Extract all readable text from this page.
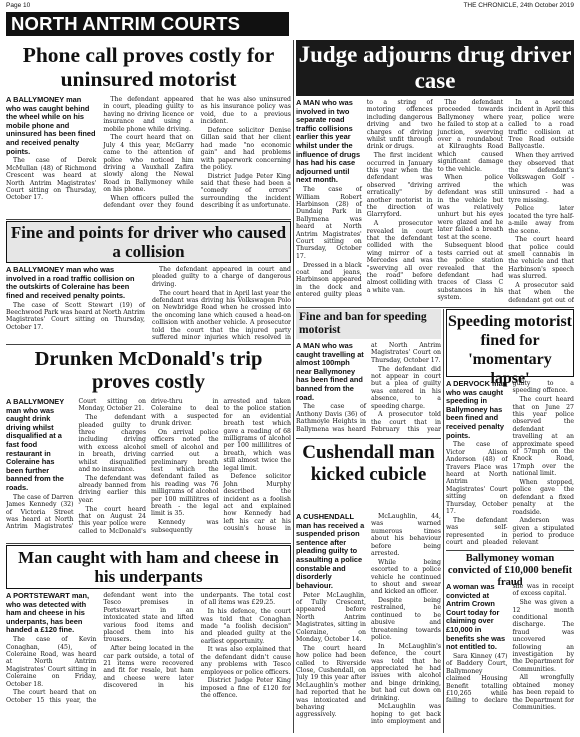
Page 10	THE CHRONICLE, 24th October 2019
NORTH ANTRIM COURTS
Phone call proves costly for uninsured motorist

A BALLYMONEY man who was caught behind the wheel while on his mobile phone and uninsured has been fined and received penalty points.

The case of Derek McMullan (48) of Richmond Crescent was heard at North Antrim Magistrates' Court sitting on Thursday, October 17.

The defendant appeared in court, pleading guilty to having no driving licence or insurance and using a mobile phone while driving.

The court heard that on July 4 this year, McGarry came to the attention of police who noticed him driving a Vauxhall Zafira slowly along the Newal Road in Ballymoney while on his phone.

When officers pulled the defendant over they found that he was also uninsured as his insurance policy was void, due to a previous incident.

Defence solicitor Denise Gillan said that her client had made "no economic gain" and had problems with paperwork concerning the policy.

District Judge Peter King said that these had been a "comedy of errors" surrounding the incident describing it as unfortunate.

Judge adjourns drug driver case

A MAN who was involved in two separate road traffic collisions earlier this year whilst under the influence of drugs has had his case adjourned until next month.

The case of William Robert Harbinson (28) of Dundaig Park in Ballymena was heard at North Antrim Magistrates' Court sitting on Thursday, October 17.

Dressed in a black coat and jeans, Harbinson appeared in the dock and entered guilty pleas to a string of motoring offences including dangerous driving and two charges of driving whilst unfit through drink or drugs.

The first incident occurred in January this year when the defendant was observed "driving erratically" by another motorist in the direction of Glarryford.

A prosecutor revealed in court that the defendant collided with the wing mirror of a Mercedes and was "swerving all over the road" before almost colliding with a white van.

The defendant proceeded towards Ballymoney where he failed to stop at a junction, swerving over a roundabout at Kilraughts Road which caused significant damage to the vehicle.

When police arrived the defendant was still in the vehicle but was relatively unhurt but his eyes were glazed and he later failed a breath test at the scene.

Subsequent blood tests carried out at the police station revealed that the defendant had traces of Class C substances in his system.

In a second incident in April this year, police were called to a road traffic collision at Tree Road outside Ballycastle.

When they arrived they observed that the defendant's Volkswagen Golf - which was uninsured - had a tyre missing.

Police later located the tyre half-a-mile away from the scene.

The court heard that police could smell cannabis in the vehicle and that Harbinson's speech was slurred.

A prosecutor said that when the defendant got out of

Fine and points for driver who caused a collision

A BALLYMONEY man who was involved in a road traffic collision on the outskirts of Coleraine has been fined and received penalty points.

The case of Scott Stewart (19) of Beechwood Park was heard at North Antrim Magistrates' Court sitting on Thursday, October 17.

The defendant appeared in court and pleaded guilty to a charge of dangerous driving.

The court heard that in April last year the defendant was driving his Volkswagen Polo on Newbridge Road when he crossed into the oncoming lane which caused a head-on collision with another vehicle. A prosecutor told the court that the injured party suffered minor injuries which resolved in

Fine and ban for speeding motorist

A MAN who was caught travelling at almost 100mph near Ballymoney has been fined and banned from the road.

The case of Anthony Davis (36) of Rathmoyle Heights in Ballymena was heard at North Antrim Magistrates' Court on Thursday, October 17.

The defendant did not appear in court but a plea of guilty was entered in his absence, to a speeding charge.

A prosecutor told the court that in February this year

Speeding motorist fined for 'momentary lapse'

A DERVOCK man who was caught speeding in Ballymoney has been fined and received penalty points.

The case of Victor Alison Anderson (48) of Travers Place was heard at North Antrim Magistrates' Court sitting on Thursday, October 17.

The defendant was self-represented in court and pleaded guilty to a speeding offence.

The court heard that on June 27 this year police observed the defendant travelling at an approximate speed of 57mph on the Knock Road, 17mph over the national limit.

When stopped, police gave the defendant a fixed penalty at the roadside.

Anderson was given a stipulated period to produce relevant

Drunken McDonald's trip proves costly

A BALLYMONEY man who was caught drink driving whilst disqualified at a fast food restaurant in Coleraine has been further banned from the roads.

The case of Darren James Kennedy (32) of Victoria Street was heard at North Antrim Magistrates' Court sitting on Monday, October 21.

The defendant pleaded guilty to three charges including driving with excess alcohol in breath, driving whilst disqualified and no insurance.

The defendant was already banned from driving earlier this year.

The court heard that on August 24 this year police were called to McDonald's drive-thru in Coleraine to deal with a suspected drunk driver.

On arrival police officers noted the smell of alcohol and carried out a preliminary breath test which the defendant failed as his reading was 76 milligrams of alcohol per 100 millilitres of breath - the legal limit is 35.

Kennedy was subsequently arrested and taken to the police station for an evidential breath test which gave a reading of 68 milligrams of alcohol per 100 millilitres of breath, which was still almost twice the legal limit.

Defence solicitor John Murphy described the incident as a foolish act and explained how Kennedy had left his car at his cousin's house in

Cushendall man kicked cubicle

A CUSHENDALL man has received a suspended prison sentence after pleading guilty to assaulting a police constable and disorderly behaviour.

Peter McLaughlin, of Tully Crescent, appeared before North Antrim Magistrates, sitting in Coleraine, on Monday, October 14.

The court heard how police had been called to Riverside Close, Cushendall, on July 19 this year after McLaughlin's mother had reported that he was intoxicated and behaving aggressively.

McLaughlin, 44, was warned numerous times about his behaviour before being arrested.

While being escorted to a police vehicle he continued to shout and swear and kicked an officer.

Despite being restrained, he continued to be abusive and threatening towards police.

In McLaughlin's defence, the court was told that he appreciated he had issues with alcohol and binge drinking, but had cut down on drinking.

McLaughlin was hoping to get back into employment and

Ballymoney woman convicted of £10,000 benefit fraud

A woman was convicted at Antrim Crown Court today for claiming over £10,000 in benefits she was not entitled to.

Sara Kinney (47) of Baddery Court, Ballymoney claimed Housing Benefit totalling £10,265 while failing to declare she was in receipt of excess capital.

She was given a 12 month conditional discharge. The fraud was uncovered following an investigation by the Department for Communities.

All wrongfully obtained money has been repaid to the Department for Communities.

Man caught with ham and cheese in his underpants

A PORTSTEWART man, who was detected with ham and cheese in his underpants, has been handed a £120 fine.

The case of Kevin Conaghan, (45), of Coleraine Road, was heard at North Antrim Magistrates' Court sitting in Coleraine on Friday, October 18.

The court heard that on October 15 this year, the defendant went into the Tesco premises in Portstewart in an intoxicated state and lifted various food items and placed them into his trousers.

After being located in the car park outside, a total of 21 items were recovered and fit for resale, but ham and cheese were later discovered in his underpants. The total cost of all items was £29.25.

In his defence, the court was told that Conaghan made "a foolish decision" and pleaded guilty at the earliest opportunity.

It was also explained that the defendant didn't cause any problems with Tesco employees or police officers.

District Judge Peter King imposed a fine of £120 for the offence.
